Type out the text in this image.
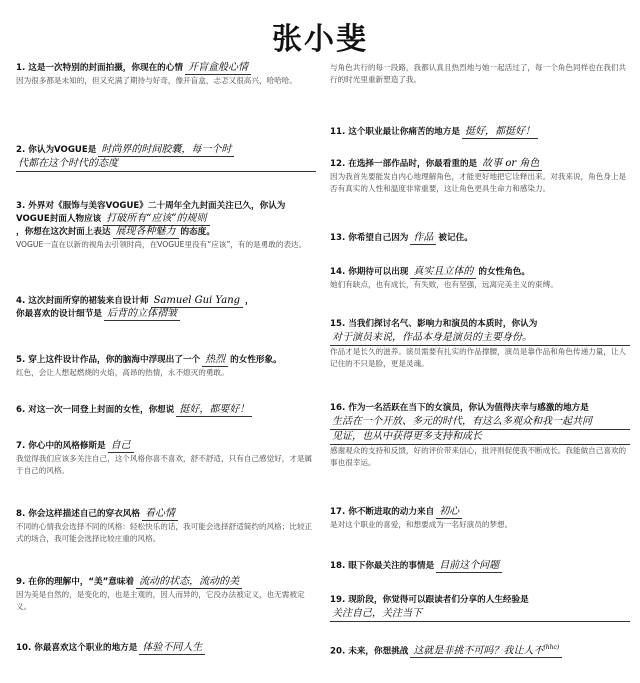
张小斐
1. 这是一次特别的封面拍摄，你现在的心情 开盲盒般心情
因为很多都是未知的，但又充满了期待与好奇，像开盲盒，忐忑又很高兴，哈哈哈。
2. 你认为VOGUE是 时尚界的时间胶囊，每一个时
代都在这个时代的态度
3. 外界对《服饰与美容VOGUE》二十周年全九封面关注已久，你认为VOGUE封面人物应该 打破所有“应该”的规则
，你想在这次封面上表达 展现各种魅力 的态度。
VOGUE一直在以新的视角去引领时尚，在VOGUE里没有“应该”，有的是勇敢的表达。
4. 这次封面所穿的裙装来自设计师 Samuel Gui Yang ，
你最喜欢的设计细节是 后背的立体褶皱
5. 穿上这件设计作品，你的脑海中浮现出了一个 热烈 的女性形象。
红色，会让人想起燃烧的火焰，高昂的热情，永不熄灭的勇敢。
6. 对这一次一同登上封面的女性，你想说 挺好，都要好！
7. 你心中的风格修斯是 自己
我觉得我们应该多关注自己，这个风格你喜不喜欢，舒不舒适，只有自己感觉好，才是属于自己的风格。
8. 你会这样描述自己的穿衣风格 看心情
不同的心情我会选择不同的风格：轻松快乐的话，我可能会选择舒适简约的风格；比较正式的场合，我可能会选择比较庄重的风格。
9. 在你的理解中，“美”意味着 流动的状态，流动的美
因为美是自然的，是变化的，也是主观的，因人而异的，它没办法被定义，也无需被定义。
10. 你最喜欢这个职业的地方是 体验不同人生
与角色共行的每一段路，我都认真且热烈地与她一起活过了，每一个角色同样也在我们共行的时光里重新塑造了我。
11. 这个职业最让你痛苦的地方是 挺好，都挺好！
12. 在选择一部作品时，你最看重的是 故事 or 角色
因为我首先要能发自内心地理解角色，才能更好地把它诠释出来。对我来说，角色身上是否有真实的人性和温度非常重要，这让角色更具生命力和感染力。
13. 你希望自己因为 作品 被记住。
14. 你期待可以出现 真实且立体的 的女性角色。
她们有缺点，也有成长，有失败，也有坚强，远离完美主义的束缚。
15. 当我们探讨名气、影响力和演员的本质时，你认为
对于演员来说，作品本身是演员的主要身份。
作品才是长久的滋养。演员需要有扎实的作品撑腰，演员是靠作品和角色传递力量，让人记住的不只是脸，更是灵魂。
16. 作为一名活跃在当下的女演员，你认为值得庆幸与感激的地方是
生活在一个开放、多元的时代，有这么多观众和我一起共同
见证，也从中获得更多支持和成长
感谢观众的支持和反馈，好的评价带来信心，批评则促使我不断成长。我能做自己喜欢的事也很幸运。
17. 你不断进取的动力来自 初心
是对这个职业的喜爱，和想要成为一名好演员的梦想。
18. 眼下你最关注的事情是 目前这个问题
19. 现阶段，你觉得可以跟读者们分享的人生经验是
关注自己，关注当下
20. 未来，你想挑战 这就是非挑不可吗？我让人不$^{(hhc)}$
